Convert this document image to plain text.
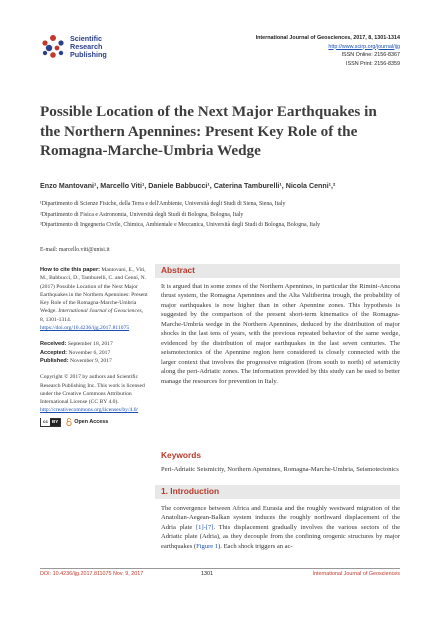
Scientific
Research
Publishing
International Journal of Geosciences, 2017, 8, 1301-1314
http://www.scirp.org/journal/ijg
ISSN Online: 2156-8367
ISSN Print: 2156-8359
Possible Location of the Next Major Earthquakes in the Northern Apennines: Present Key Role of the Romagna-Marche-Umbria Wedge
Enzo Mantovani¹, Marcello Viti¹, Daniele Babbucci¹, Caterina Tamburelli¹, Nicola Cenni¹,²
¹Dipartimento di Scienze Fisiche, della Terra e dell'Ambiente, Università degli Studi di Siena, Siena, Italy
²Dipartimento di Fisica e Astronomia, Università degli Studi di Bologna, Bologna, Italy
³Dipartimento di Ingegneria Civile, Chimica, Ambientale e Meccanica, Università degli Studi di Bologna, Bologna, Italy
E-mail: marcello.viti@unisi.it
How to cite this paper: Mantovani, E., Viti, M., Babbucci, D., Tamburelli, C. and Cenni, N. (2017) Possible Location of the Next Major Earthquakes in the Northern Apennines: Present Key Role of the Romagna-Marche-Umbria Wedge. International Journal of Geosciences, 8, 1301-1314. https://doi.org/10.4236/ijg.2017.811075
Received: September 18, 2017
Accepted: November 6, 2017
Published: November 9, 2017
Copyright © 2017 by authors and Scientific Research Publishing Inc. This work is licensed under the Creative Commons Attribution International License (CC BY 4.0).
http://creativecommons.org/licenses/by/4.0/
cc BY	Open Access
Abstract
It is argued that in some zones of the Northern Apennines, in particular the Rimini-Ancona thrust system, the Romagna Apennines and the Alta Valtiberina trough, the probability of major earthquakes is now higher than in other Apennine zones. This hypothesis is suggested by the comparison of the present short-term kinematics of the Romagna-Marche-Umbria wedge in the Northern Apennines, deduced by the distribution of major shocks in the last tens of years, with the previous repeated behavior of the same wedge, evidenced by the distribution of major earthquakes in the last seven centuries. The seismotectonics of the Apennine region here considered is closely connected with the larger context that involves the progressive migration (from south to north) of seismicity along the peri-Adriatic zones. The information provided by this study can be used to better manage the resources for prevention in Italy.
Keywords
Peri-Adriatic Seismicity, Northern Apennines, Romagna-Marche-Umbria, Seismotectonics
1. Introduction
The convergence between Africa and Eurasia and the roughly westward migration of the Anatolian-Aegean-Balkan system induces the roughly northward displacement of the Adria plate [1]-[7]. This displacement gradually involves the various sectors of the Adriatic plate (Adria), as they decouple from the confining orogenic structures by major earthquakes (Figure 1). Each shock triggers an ac-
DOI: 10.4236/ijg.2017.811075 Nov. 9, 2017	1301	International Journal of Geosciences
